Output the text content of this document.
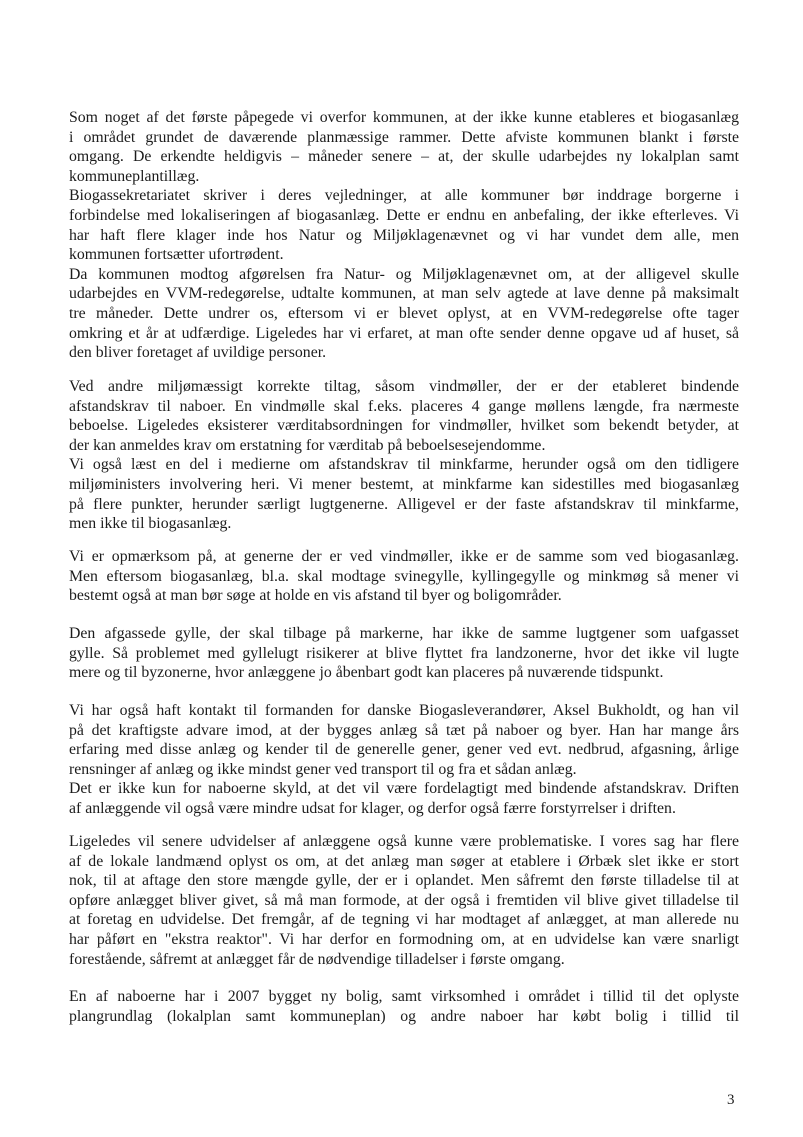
Som noget af det første påpegede vi overfor kommunen, at der ikke kunne etableres et biogasanlæg
i området grundet de daværende planmæssige rammer. Dette afviste kommunen blankt i første
omgang. De erkendte heldigvis – måneder senere – at, der skulle udarbejdes ny lokalplan samt
kommuneplantillæg.
Biogassekretariatet skriver i deres vejledninger, at alle kommuner bør inddrage borgerne i
forbindelse med lokaliseringen af biogasanlæg. Dette er endnu en anbefaling, der ikke efterleves. Vi
har haft flere klager inde hos Natur og Miljøklagenævnet og vi har vundet dem alle, men
kommunen fortsætter ufortrødent.
Da kommunen modtog afgørelsen fra Natur- og Miljøklagenævnet om, at der alligevel skulle
udarbejdes en VVM-redegørelse, udtalte kommunen, at man selv agtede at lave denne på maksimalt
tre måneder. Dette undrer os, eftersom vi er blevet oplyst, at en VVM-redegørelse ofte tager
omkring et år at udfærdige. Ligeledes har vi erfaret, at man ofte sender denne opgave ud af huset, så
den bliver foretaget af uvildige personer.
Ved andre miljømæssigt korrekte tiltag, såsom vindmøller, der er der etableret bindende
afstandskrav til naboer. En vindmølle skal f.eks. placeres 4 gange møllens længde, fra nærmeste
beboelse. Ligeledes eksisterer værditabsordningen for vindmøller, hvilket som bekendt betyder, at
der kan anmeldes krav om erstatning for værditab på beboelsesejendomme.
Vi også læst en del i medierne om afstandskrav til minkfarme, herunder også om den tidligere
miljøministers involvering heri. Vi mener bestemt, at minkfarme kan sidestilles med biogasanlæg
på flere punkter, herunder særligt lugtgenerne. Alligevel er der faste afstandskrav til minkfarme,
men ikke til biogasanlæg.
Vi er opmærksom på, at generne der er ved vindmøller, ikke er de samme som ved biogasanlæg.
Men eftersom biogasanlæg, bl.a. skal modtage svinegylle, kyllingegylle og minkmøg så mener vi
bestemt også at man bør søge at holde en vis afstand til byer og boligområder.
Den afgassede gylle, der skal tilbage på markerne, har ikke de samme lugtgener som uafgasset
gylle. Så problemet med gyllelugt risikerer at blive flyttet fra landzonerne, hvor det ikke vil lugte
mere og til byzonerne, hvor anlæggene jo åbenbart godt kan placeres på nuværende tidspunkt.
Vi har også haft kontakt til formanden for danske Biogasleverandører, Aksel Bukholdt, og han vil
på det kraftigste advare imod, at der bygges anlæg så tæt på naboer og byer. Han har mange års
erfaring med disse anlæg og kender til de generelle gener, gener ved evt. nedbrud, afgasning, årlige
rensninger af anlæg og ikke mindst gener ved transport til og fra et sådan anlæg.
Det er ikke kun for naboerne skyld, at det vil være fordelagtigt med bindende afstandskrav. Driften
af anlæggende vil også være mindre udsat for klager, og derfor også færre forstyrrelser i driften.
Ligeledes vil senere udvidelser af anlæggene også kunne være problematiske. I vores sag har flere
af de lokale landmænd oplyst os om, at det anlæg man søger at etablere i Ørbæk slet ikke er stort
nok, til at aftage den store mængde gylle, der er i oplandet. Men såfremt den første tilladelse til at
opføre anlægget bliver givet, så må man formode, at der også i fremtiden vil blive givet tilladelse til
at foretag en udvidelse. Det fremgår, af de tegning vi har modtaget af anlægget, at man allerede nu
har påført en "ekstra reaktor". Vi har derfor en formodning om, at en udvidelse kan være snarligt
forestående, såfremt at anlægget får de nødvendige tilladelser i første omgang.
En af naboerne har i 2007 bygget ny bolig, samt virksomhed i området i tillid til det oplyste
plangrundlag (lokalplan samt kommuneplan) og andre naboer har købt bolig i tillid til
3
